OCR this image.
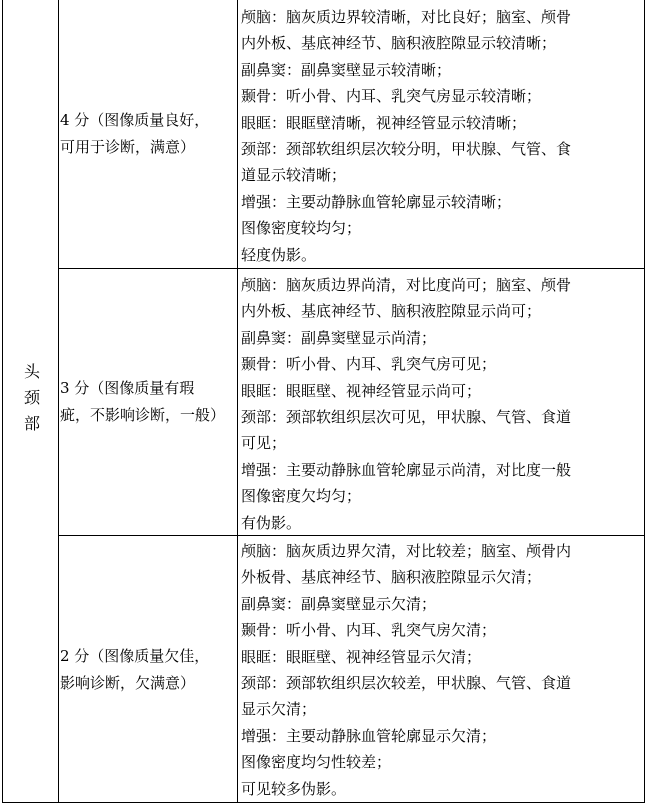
头颈部
4 分（图像质量良好，
可用于诊断，满意）
颅脑：脑灰质边界较清晰，对比良好；脑室、颅骨
内外板、基底神经节、脑积液腔隙显示较清晰；
副鼻窦：副鼻窦壁显示较清晰；
颞骨：听小骨、内耳、乳突气房显示较清晰；
眼眶：眼眶壁清晰，视神经管显示较清晰；
颈部：颈部软组织层次较分明，甲状腺、气管、食
道显示较清晰；
增强：主要动静脉血管轮廓显示较清晰；
图像密度较均匀；
轻度伪影。
3 分（图像质量有瑕
疵，不影响诊断，一般）
颅脑：脑灰质边界尚清，对比度尚可；脑室、颅骨
内外板、基底神经节、脑积液腔隙显示尚可；
副鼻窦：副鼻窦壁显示尚清；
颞骨：听小骨、内耳、乳突气房可见；
眼眶：眼眶壁、视神经管显示尚可；
颈部：颈部软组织层次可见，甲状腺、气管、食道
可见；
增强：主要动静脉血管轮廓显示尚清，对比度一般
图像密度欠均匀；
有伪影。
2 分（图像质量欠佳，
影响诊断，欠满意）
颅脑：脑灰质边界欠清，对比较差；脑室、颅骨内
外板骨、基底神经节、脑积液腔隙显示欠清；
副鼻窦：副鼻窦壁显示欠清；
颞骨：听小骨、内耳、乳突气房欠清；
眼眶：眼眶壁、视神经管显示欠清；
颈部：颈部软组织层次较差，甲状腺、气管、食道
显示欠清；
增强：主要动静脉血管轮廓显示欠清；
图像密度均匀性较差；
可见较多伪影。
